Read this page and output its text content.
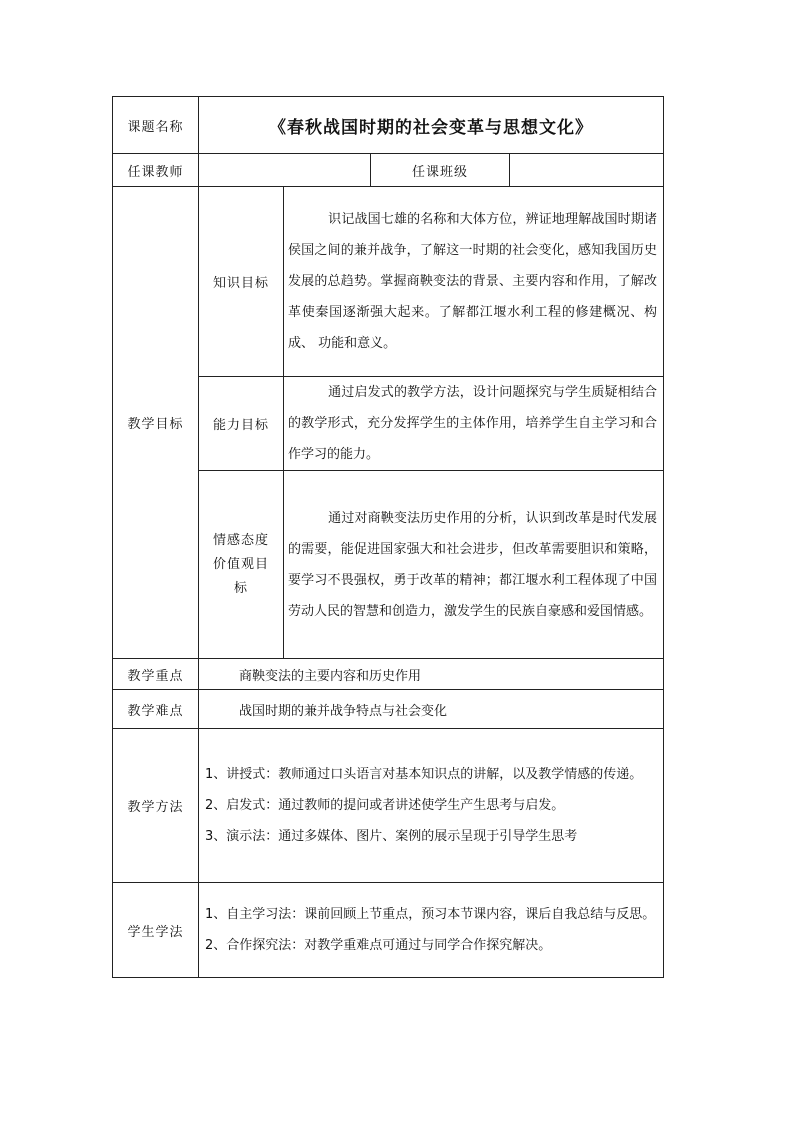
课题名称	《春秋战国时期的社会变革与思想文化》			
任课教师			任课班级	
教学目标	知识目标	识记战国七雄的名称和大体方位，辨证地理解战国时期诸侯国之间的兼并战争，了解这一时期的社会变化，感知我国历史发展的总趋势。掌握商鞅变法的背景、主要内容和作用，了解改革使秦国逐渐强大起来。了解都江堰水利工程的修建概况、构成、 功能和意义。		
	能力目标	通过启发式的教学方法，设计问题探究与学生质疑相结合的教学形式，充分发挥学生的主体作用，培养学生自主学习和合作学习的能力。		

	情感态度价值观目标	通过对商鞅变法历史作用的分析，认识到改革是时代发展的需要，能促进国家强大和社会进步，但改革需要胆识和策略，要学习不畏强权，勇于改革的精神；都江堰水利工程体现了中国劳动人民的智慧和创造力，激发学生的民族自豪感和爱国情感。		
教学重点	商鞅变法的主要内容和历史作用			
教学难点	战国时期的兼并战争特点与社会变化			
教学方法	1、讲授式：教师通过口头语言对基本知识点的讲解，以及教学情感的传递。

2、启发式：通过教师的提问或者讲述使学生产生思考与启发。

3、演示法：通过多媒体、图片、案例的展示呈现于引导学生思考			

学生学法	1、自主学习法：课前回顾上节重点，预习本节课内容，课后自我总结与反思。

2、合作探究法：对教学重难点可通过与同学合作探究解决。			
